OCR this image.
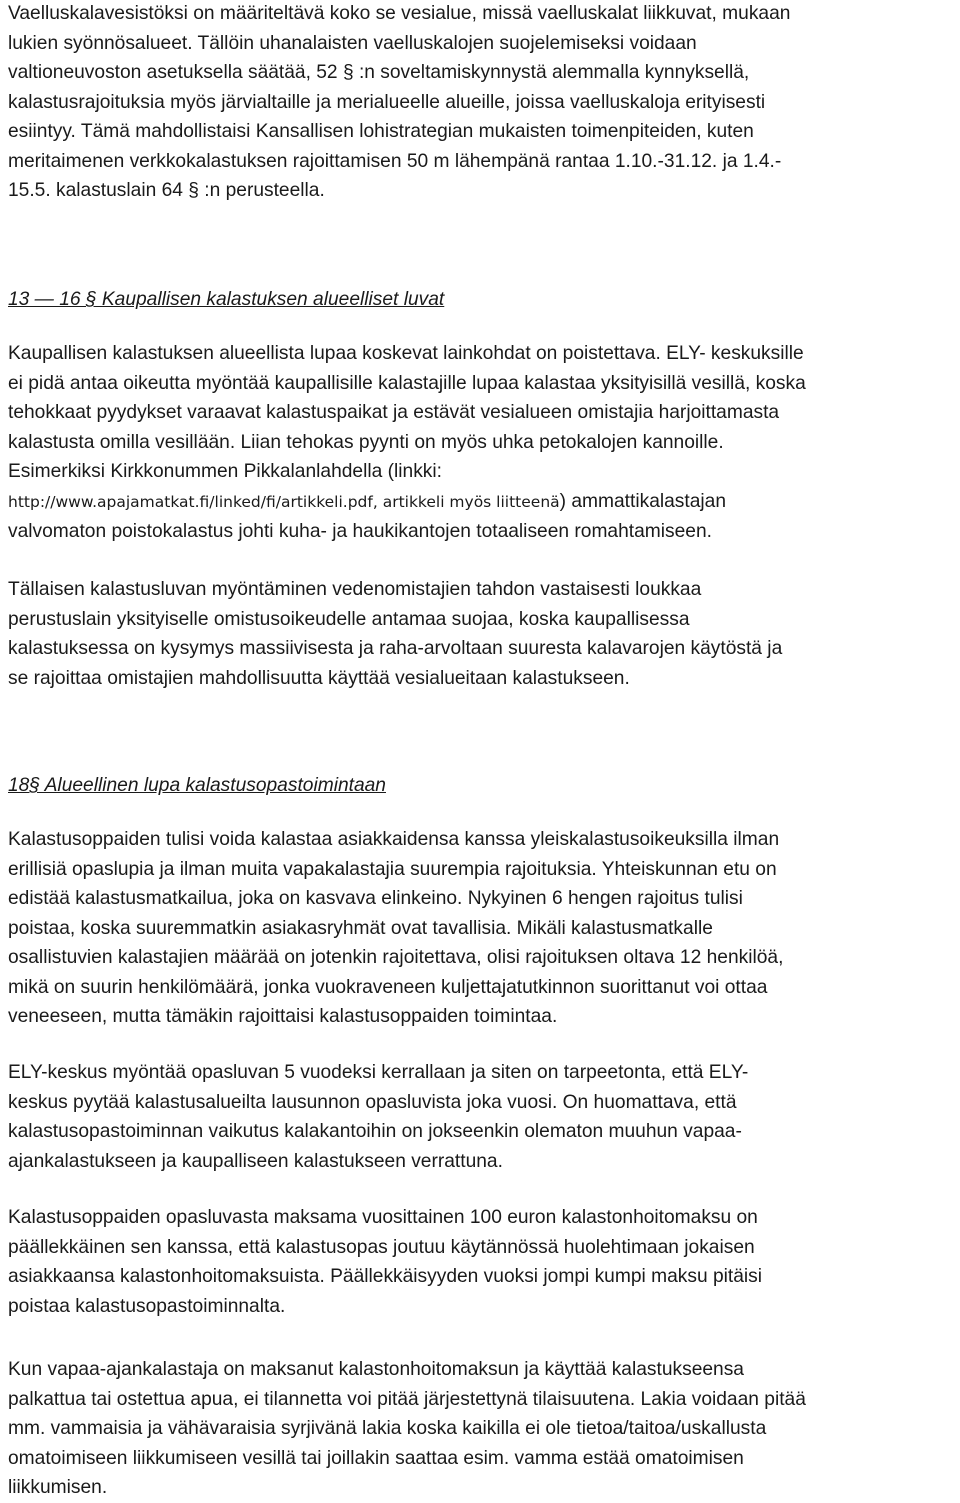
Vaelluskalavesistöksi on määriteltävä koko se vesialue, missä vaelluskalat liikkuvat, mukaan
lukien syönnösalueet. Tällöin uhanalaisten vaelluskalojen suojelemiseksi voidaan
valtioneuvoston asetuksella säätää, 52 § :n soveltamiskynnystä alemmalla kynnyksellä,
kalastusrajoituksia myös järvialtaille ja merialueelle alueille, joissa vaelluskaloja erityisesti
esiintyy. Tämä mahdollistaisi Kansallisen lohistrategian mukaisten toimenpiteiden, kuten
meritaimenen verkkokalastuksen rajoittamisen 50 m lähempänä rantaa 1.10.-31.12. ja 1.4.-
15.5. kalastuslain 64 § :n perusteella.

13 — 16 § Kaupallisen kalastuksen alueelliset luvat

Kaupallisen kalastuksen alueellista lupaa koskevat lainkohdat on poistettava. ELY- keskuksille
ei pidä antaa oikeutta myöntää kaupallisille kalastajille lupaa kalastaa yksityisillä vesillä, koska
tehokkaat pyydykset varaavat kalastuspaikat ja estävät vesialueen omistajia harjoittamasta
kalastusta omilla vesillään. Liian tehokas pyynti on myös uhka petokalojen kannoille.
Esimerkiksi Kirkkonummen Pikkalanlahdella (linkki:
http://www.apajamatkat.fi/linked/fi/artikkeli.pdf, artikkeli myös liitteenä) ammattikalastajan
valvomaton poistokalastus johti kuha- ja haukikantojen totaaliseen romahtamiseen.

Tällaisen kalastusluvan myöntäminen vedenomistajien tahdon vastaisesti loukkaa
perustuslain yksityiselle omistusoikeudelle antamaa suojaa, koska kaupallisessa
kalastuksessa on kysymys massiivisesta ja raha-arvoltaan suuresta kalavarojen käytöstä ja
se rajoittaa omistajien mahdollisuutta käyttää vesialueitaan kalastukseen.

18§ Alueellinen lupa kalastusopastoimintaan

Kalastusoppaiden tulisi voida kalastaa asiakkaidensa kanssa yleiskalastusoikeuksilla ilman
erillisiä opaslupia ja ilman muita vapakalastajia suurempia rajoituksia. Yhteiskunnan etu on
edistää kalastusmatkailua, joka on kasvava elinkeino. Nykyinen 6 hengen rajoitus tulisi
poistaa, koska suuremmatkin asiakasryhmät ovat tavallisia. Mikäli kalastusmatkalle
osallistuvien kalastajien määrää on jotenkin rajoitettava, olisi rajoituksen oltava 12 henkilöä,
mikä on suurin henkilömäärä, jonka vuokraveneen kuljettajatutkinnon suorittanut voi ottaa
veneeseen, mutta tämäkin rajoittaisi kalastusoppaiden toimintaa.

ELY-keskus myöntää opasluvan 5 vuodeksi kerrallaan ja siten on tarpeetonta, että ELY-
keskus pyytää kalastusalueilta lausunnon opasluvista joka vuosi. On huomattava, että
kalastusopastoiminnan vaikutus kalakantoihin on jokseenkin olematon muuhun vapaa-
ajankalastukseen ja kaupalliseen kalastukseen verrattuna.

Kalastusoppaiden opasluvasta maksama vuosittainen 100 euron kalastonhoitomaksu on
päällekkäinen sen kanssa, että kalastusopas joutuu käytännössä huolehtimaan jokaisen
asiakkaansa kalastonhoitomaksuista. Päällekkäisyyden vuoksi jompi kumpi maksu pitäisi
poistaa kalastusopastoiminnalta.

Kun vapaa-ajankalastaja on maksanut kalastonhoitomaksun ja käyttää kalastukseensa
palkattua tai ostettua apua, ei tilannetta voi pitää järjestettynä tilaisuutena. Lakia voidaan pitää
mm. vammaisia ja vähävaraisia syrjivänä lakia koska kaikilla ei ole tietoa/taitoa/uskallusta
omatoimiseen liikkumiseen vesillä tai joillakin saattaa esim. vamma estää omatoimisen
liikkumisen.
